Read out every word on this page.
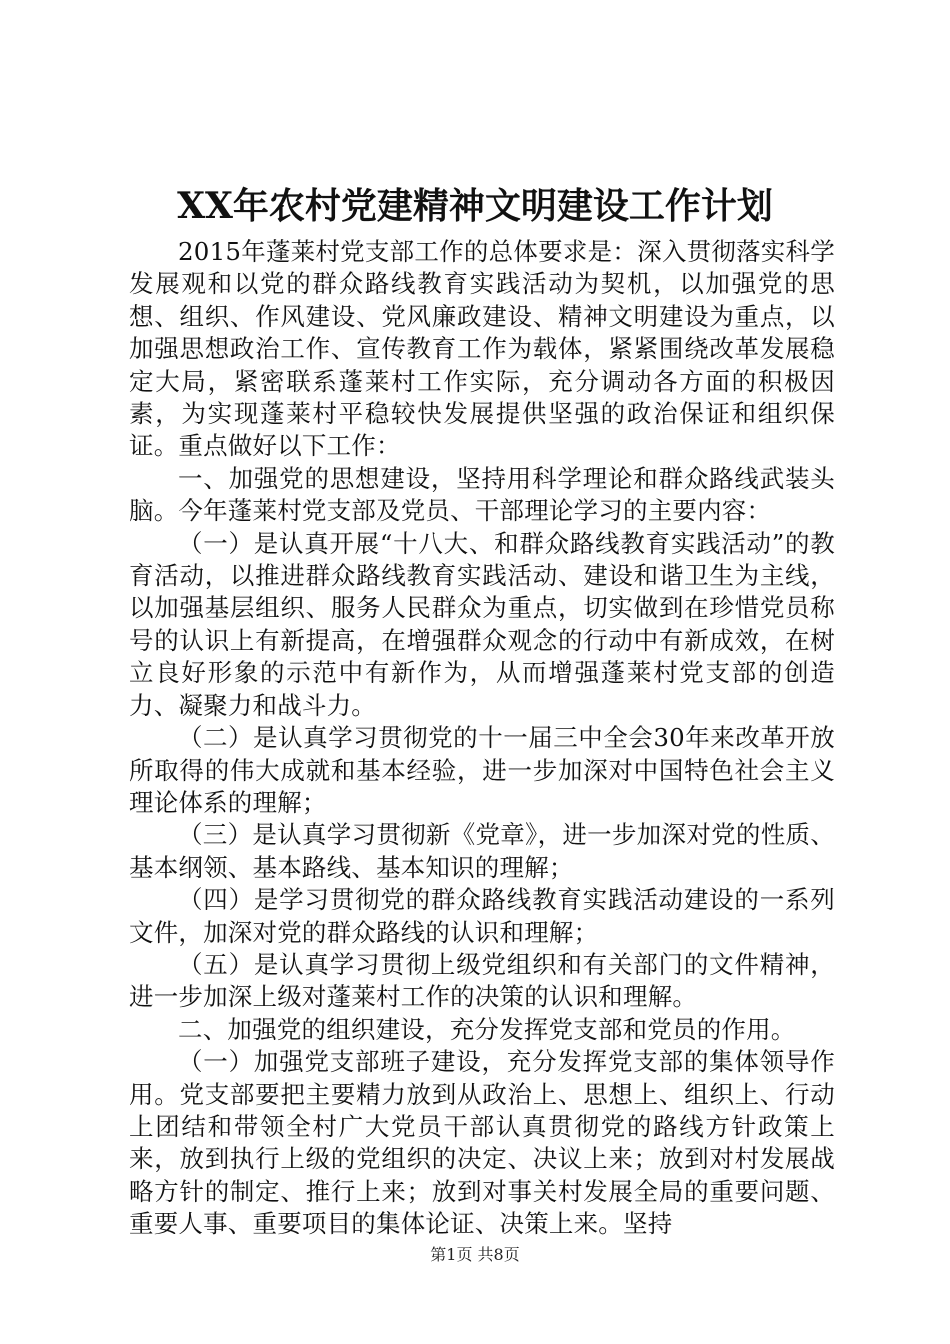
XX年农村党建精神文明建设工作计划

2015年蓬莱村党支部工作的总体要求是：深入贯彻落实科学发展观和以党的群众路线教育实践活动为契机，以加强党的思想、组织、作风建设、党风廉政建设、精神文明建设为重点，以加强思想政治工作、宣传教育工作为载体，紧紧围绕改革发展稳定大局，紧密联系蓬莱村工作实际，充分调动各方面的积极因素，为实现蓬莱村平稳较快发展提供坚强的政治保证和组织保证。重点做好以下工作：

一、加强党的思想建设，坚持用科学理论和群众路线武装头脑。今年蓬莱村党支部及党员、干部理论学习的主要内容：

（一）是认真开展“十八大、和群众路线教育实践活动”的教育活动，以推进群众路线教育实践活动、建设和谐卫生为主线，以加强基层组织、服务人民群众为重点，切实做到在珍惜党员称号的认识上有新提高，在增强群众观念的行动中有新成效，在树立良好形象的示范中有新作为，从而增强蓬莱村党支部的创造力、凝聚力和战斗力。

（二）是认真学习贯彻党的十一届三中全会30年来改革开放所取得的伟大成就和基本经验，进一步加深对中国特色社会主义理论体系的理解；

（三）是认真学习贯彻新《党章》，进一步加深对党的性质、基本纲领、基本路线、基本知识的理解；

（四）是学习贯彻党的群众路线教育实践活动建设的一系列文件，加深对党的群众路线的认识和理解；

（五）是认真学习贯彻上级党组织和有关部门的文件精神，进一步加深上级对蓬莱村工作的决策的认识和理解。

二、加强党的组织建设，充分发挥党支部和党员的作用。

（一）加强党支部班子建设，充分发挥党支部的集体领导作用。党支部要把主要精力放到从政治上、思想上、组织上、行动上团结和带领全村广大党员干部认真贯彻党的路线方针政策上来，放到执行上级的党组织的决定、决议上来；放到对村发展战略方针的制定、推行上来；放到对事关村发展全局的重要问题、重要人事、重要项目的集体论证、决策上来。坚持

第1页 共8页
